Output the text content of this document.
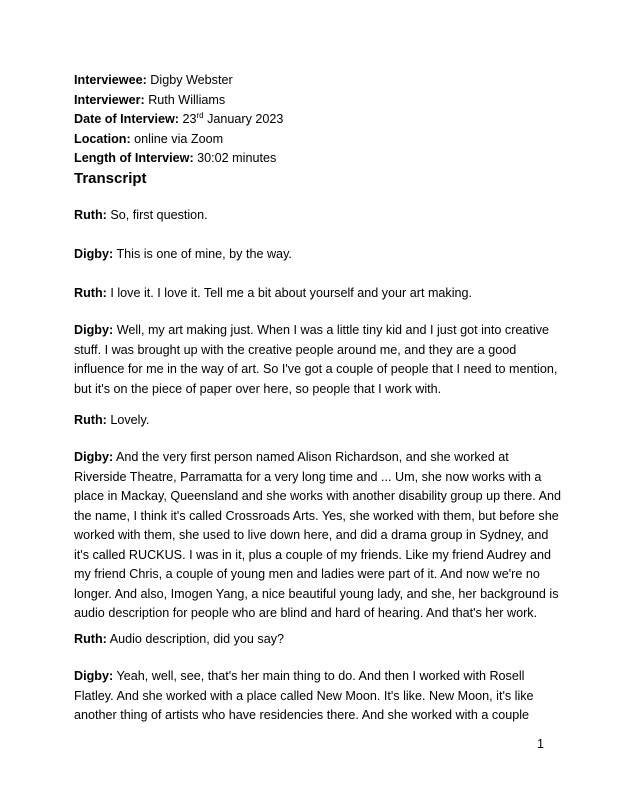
Interviewee: Digby Webster
Interviewer: Ruth Williams
Date of Interview: 23rd January 2023
Location: online via Zoom
Length of Interview: 30:02 minutes
Transcript
Ruth: So, first question.
Digby: This is one of mine, by the way.
Ruth: I love it. I love it. Tell me a bit about yourself and your art making.
Digby: Well, my art making just. When I was a little tiny kid and I just got into creative
stuff. I was brought up with the creative people around me, and they are a good
influence for me in the way of art. So I've got a couple of people that I need to mention,
but it's on the piece of paper over here, so people that I work with.
Ruth: Lovely.
Digby: And the very first person named Alison Richardson, and she worked at
Riverside Theatre, Parramatta for a very long time and ... Um, she now works with a
place in Mackay, Queensland and she works with another disability group up there. And
the name, I think it's called Crossroads Arts. Yes, she worked with them, but before she
worked with them, she used to live down here, and did a drama group in Sydney, and
it's called RUCKUS. I was in it, plus a couple of my friends. Like my friend Audrey and
my friend Chris, a couple of young men and ladies were part of it. And now we're no
longer. And also, Imogen Yang, a nice beautiful young lady, and she, her background is
audio description for people who are blind and hard of hearing. And that's her work.
Ruth: Audio description, did you say?
Digby: Yeah, well, see, that's her main thing to do. And then I worked with Rosell
Flatley. And she worked with a place called New Moon. It's like. New Moon, it's like
another thing of artists who have residencies there. And she worked with a couple
1
